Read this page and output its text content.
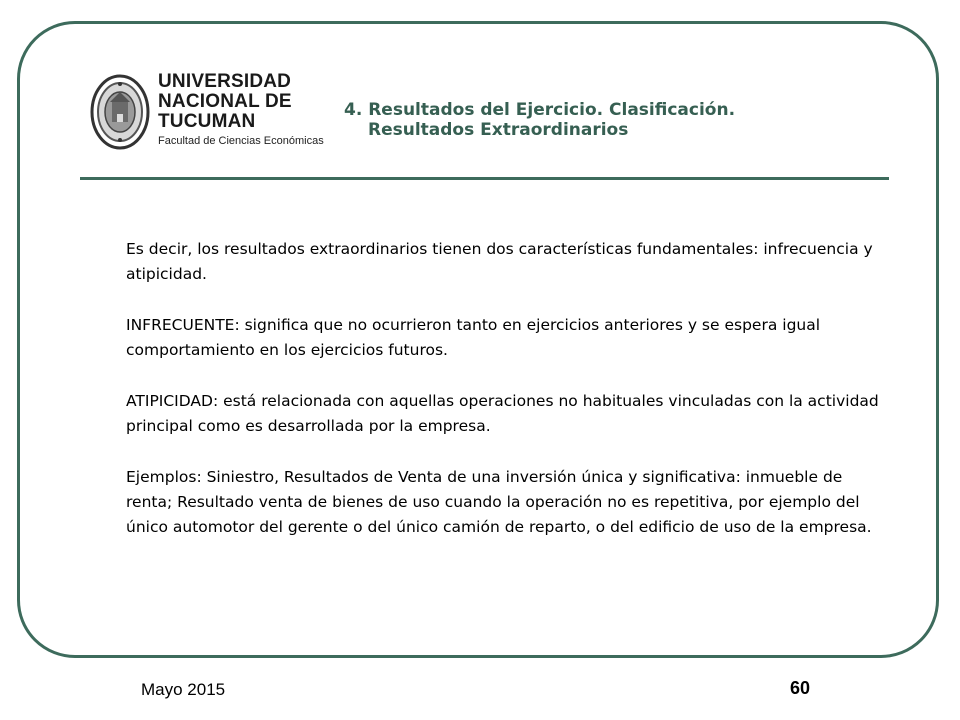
UNIVERSIDAD
NACIONAL DE
TUCUMAN
Facultad de Ciencias Económicas
4. Resultados del Ejercicio. Clasificación.
Resultados Extraordinarios

Es decir, los resultados extraordinarios tienen dos características fundamentales: infrecuencia y atipicidad.

INFRECUENTE: significa que no ocurrieron tanto en ejercicios anteriores y se espera igual comportamiento en los ejercicios futuros.

ATIPICIDAD: está relacionada con aquellas operaciones no habituales vinculadas con la actividad principal como es desarrollada por la empresa.

Ejemplos: Siniestro, Resultados de Venta de una inversión única y significativa: inmueble de renta; Resultado venta de bienes de uso cuando la operación no es repetitiva, por ejemplo del único automotor del gerente o del único camión de reparto, o del edificio de uso de la empresa.

Mayo 2015	60
